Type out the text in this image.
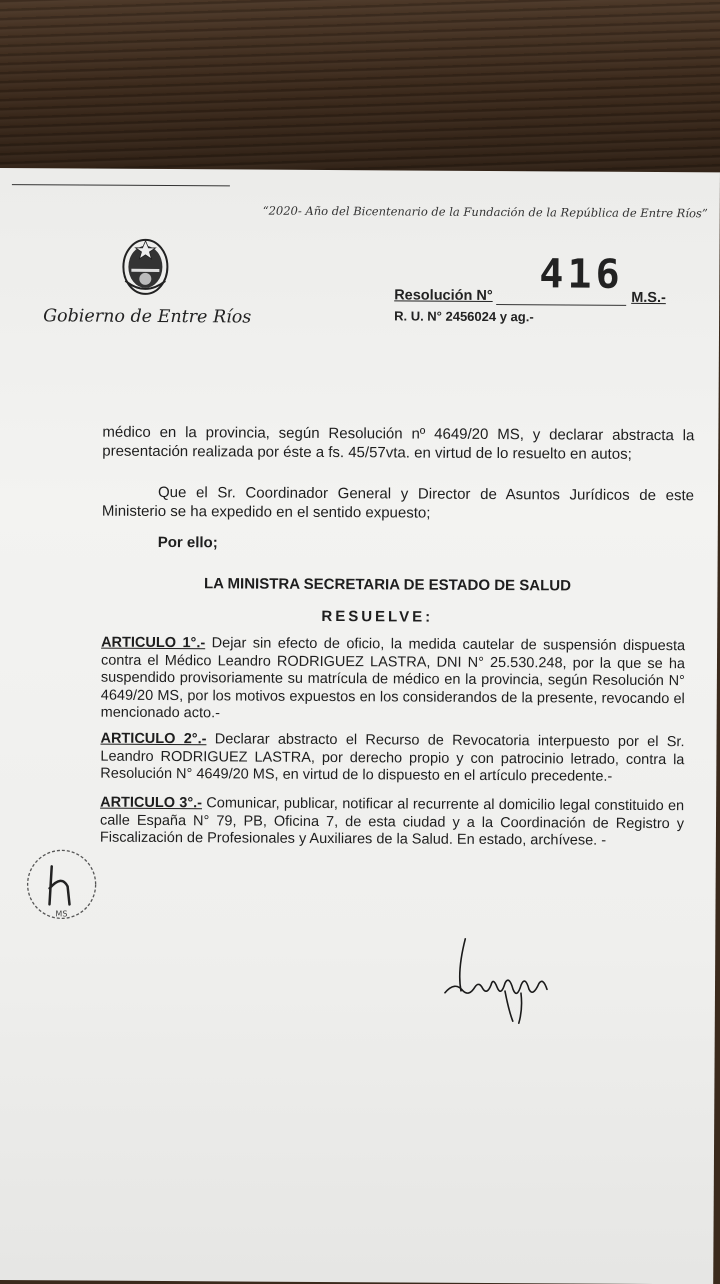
“2020- Año del Bicentenario de la Fundación de la República de Entre Ríos”
Gobierno de Entre Ríos
416
Resolución N°	M.S.-
R. U. N° 2456024 y ag.-
médico en la provincia, según Resolución nº 4649/20 MS, y declarar abstracta la presentación realizada por éste a fs. 45/57vta. en virtud de lo resuelto en autos;
Que el Sr. Coordinador General y Director de Asuntos Jurídicos de este Ministerio se ha expedido en el sentido expuesto;
Por ello;
LA MINISTRA SECRETARIA DE ESTADO DE SALUD
RESUELVE:
ARTICULO 1°.- Dejar sin efecto de oficio, la medida cautelar de suspensión dispuesta contra el Médico Leandro RODRIGUEZ LASTRA, DNI N° 25.530.248, por la que se ha suspendido provisoriamente su matrícula de médico en la provincia, según Resolución N° 4649/20 MS, por los motivos expuestos en los considerandos de la presente, revocando el mencionado acto.-
ARTICULO 2°.- Declarar abstracto el Recurso de Revocatoria interpuesto por el Sr. Leandro RODRIGUEZ LASTRA, por derecho propio y con patrocinio letrado, contra la Resolución N° 4649/20 MS, en virtud de lo dispuesto en el artículo precedente.-
ARTICULO 3°.- Comunicar, publicar, notificar al recurrente al domicilio legal constituido en calle España N° 79, PB, Oficina 7, de esta ciudad y a la Coordinación de Registro y Fiscalización de Profesionales y Auxiliares de la Salud. En estado, archívese. -
MS
